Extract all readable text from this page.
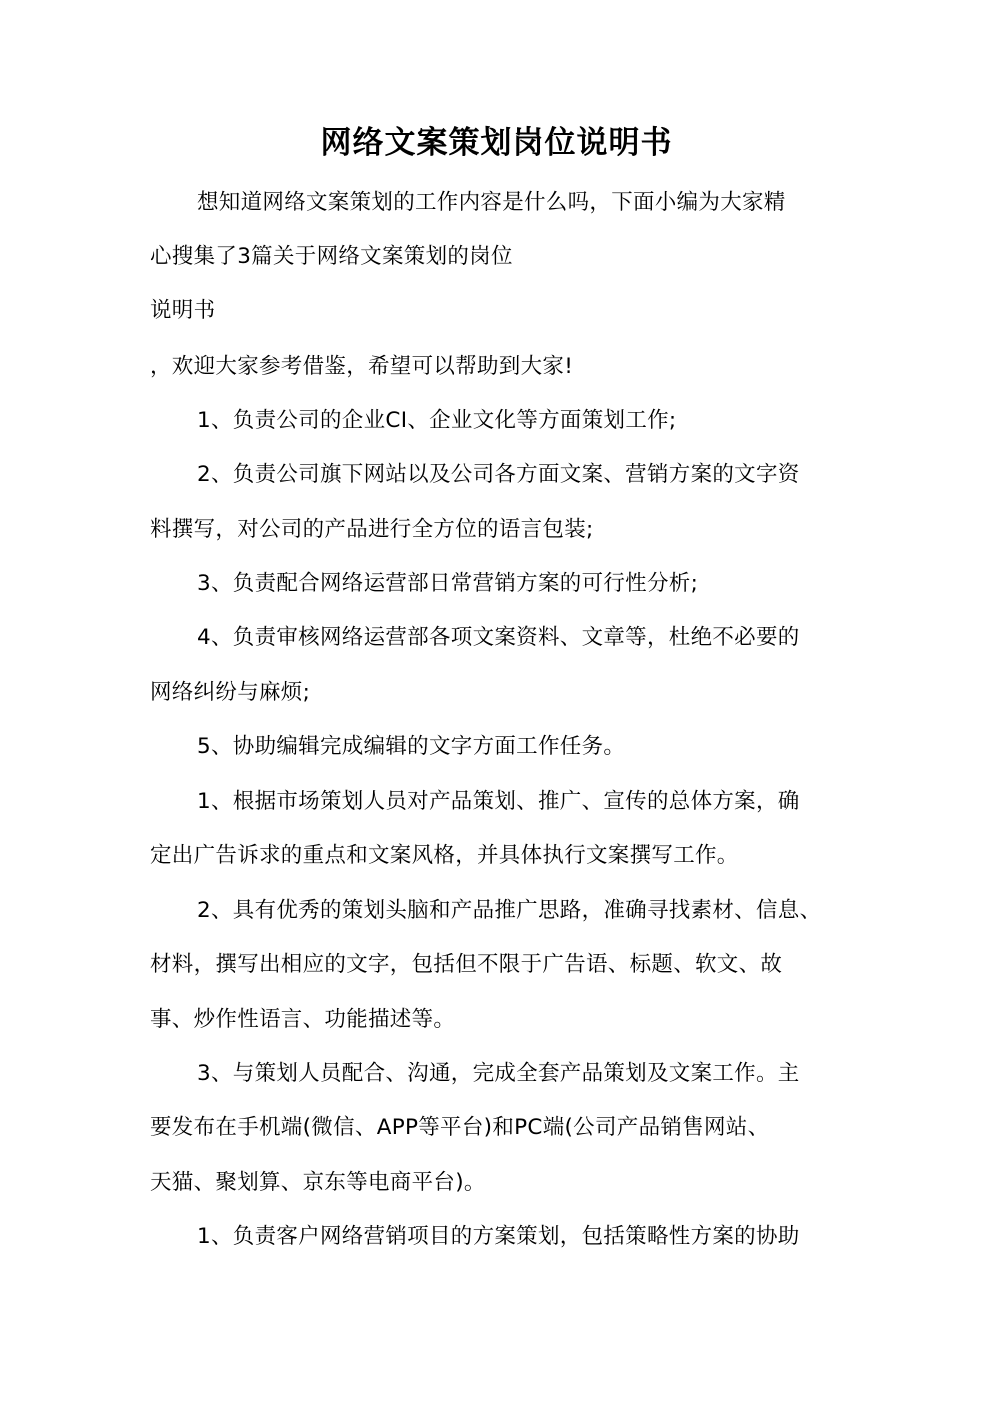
网络文案策划岗位说明书
想知道网络文案策划的工作内容是什么吗，下面小编为大家精
心搜集了3篇关于网络文案策划的岗位
说明书
，欢迎大家参考借鉴，希望可以帮助到大家!
1、负责公司的企业CI、企业文化等方面策划工作;
2、负责公司旗下网站以及公司各方面文案、营销方案的文字资
料撰写，对公司的产品进行全方位的语言包装;
3、负责配合网络运营部日常营销方案的可行性分析;
4、负责审核网络运营部各项文案资料、文章等，杜绝不必要的
网络纠纷与麻烦;
5、协助编辑完成编辑的文字方面工作任务。
1、根据市场策划人员对产品策划、推广、宣传的总体方案，确
定出广告诉求的重点和文案风格，并具体执行文案撰写工作。
2、具有优秀的策划头脑和产品推广思路，准确寻找素材、信息、
材料，撰写出相应的文字，包括但不限于广告语、标题、软文、故
事、炒作性语言、功能描述等。
3、与策划人员配合、沟通，完成全套产品策划及文案工作。主
要发布在手机端(微信、APP等平台)和PC端(公司产品销售网站、
天猫、聚划算、京东等电商平台)。
1、负责客户网络营销项目的方案策划，包括策略性方案的协助
